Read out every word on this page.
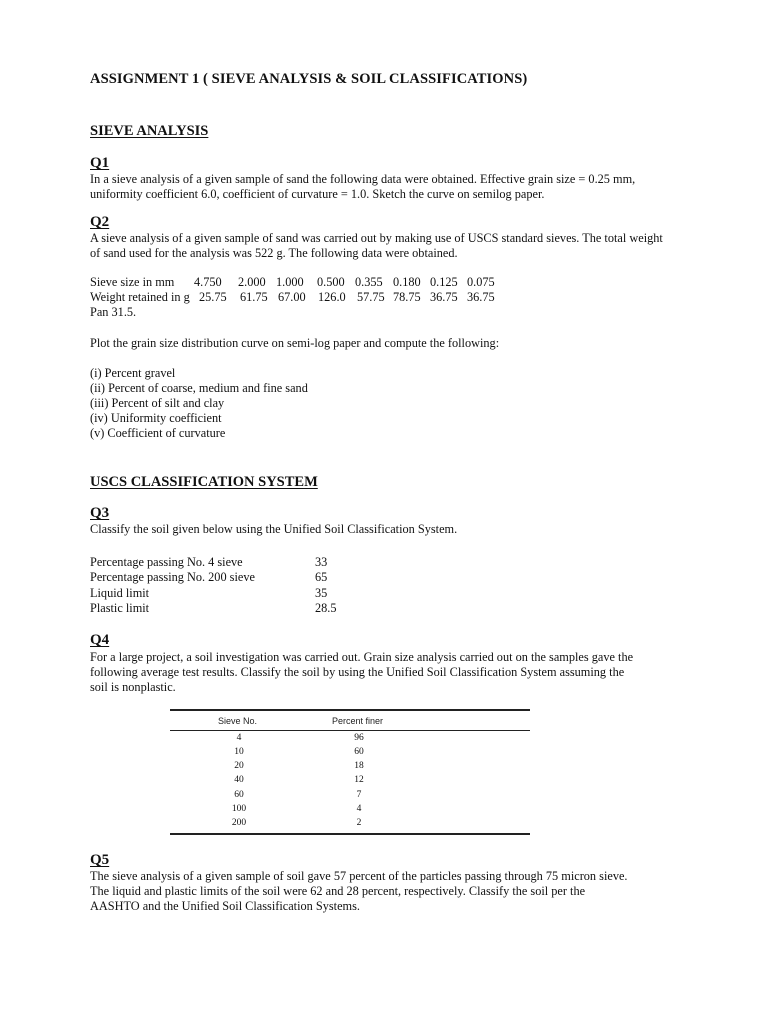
ASSIGNMENT 1 ( SIEVE ANALYSIS & SOIL CLASSIFICATIONS)
SIEVE ANALYSIS
Q1
In a sieve analysis of a given sample of sand the following data were obtained. Effective grain size = 0.25 mm,
uniformity coefficient 6.0, coefficient of curvature = 1.0. Sketch the curve on semilog paper.
Q2
A sieve analysis of a given sample of sand was carried out by making use of USCS standard sieves. The total weight
of sand used for the analysis was 522 g. The following data were obtained.
Sieve size in mm 4.750 2.000 1.000 0.500 0.355 0.180 0.125 0.075
Weight retained in g 25.75 61.75 67.00 126.0 57.75 78.75 36.75 36.75
Pan 31.5.
Plot the grain size distribution curve on semi-log paper and compute the following:
(i) Percent gravel
(ii) Percent of coarse, medium and fine sand
(iii) Percent of silt and clay
(iv) Uniformity coefficient
(v) Coefficient of curvature
USCS CLASSIFICATION SYSTEM
Q3
Classify the soil given below using the Unified Soil Classification System.
Percentage passing No. 4 sieve	33
Percentage passing No. 200 sieve	65
Liquid limit	35
Plastic limit	28.5
Q4
For a large project, a soil investigation was carried out. Grain size analysis carried out on the samples gave the
following average test results. Classify the soil by using the Unified Soil Classification System assuming the
soil is nonplastic.
Sieve No.	Percent finer
4	96
10	60
20	18
40	12
60	7
100	4
200	2
Q5
The sieve analysis of a given sample of soil gave 57 percent of the particles passing through 75 micron sieve.
The liquid and plastic limits of the soil were 62 and 28 percent, respectively. Classify the soil per the
AASHTO and the Unified Soil Classification Systems.
